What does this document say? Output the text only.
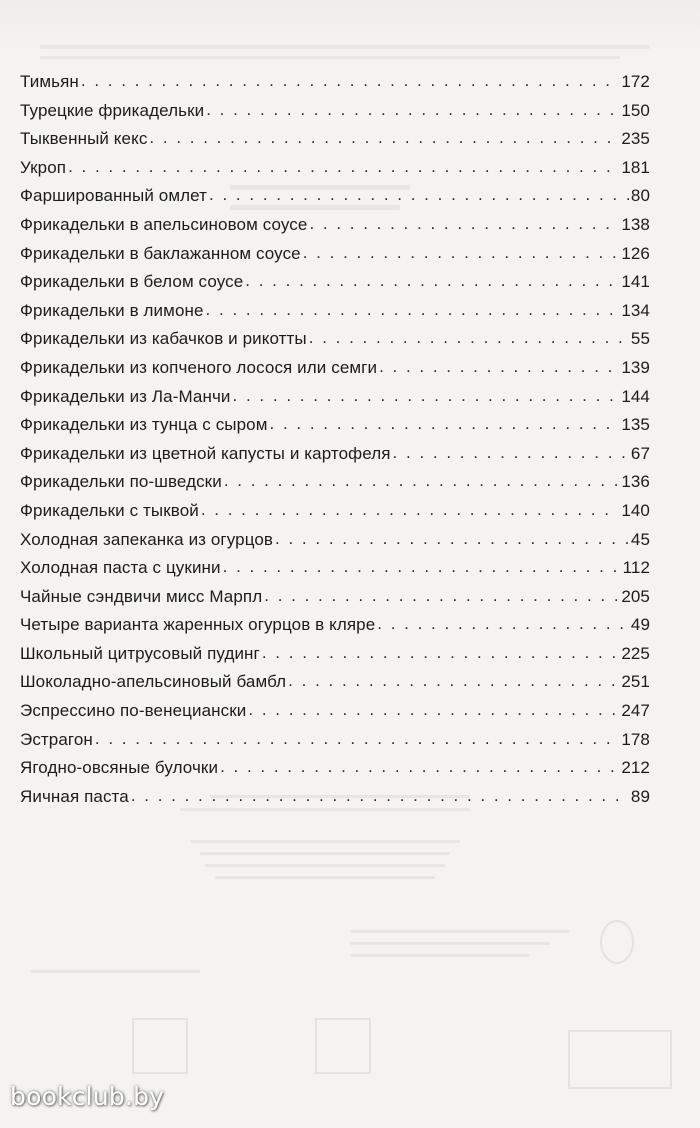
Тимьян . . .	172
Турецкие фрикадельки . . .	150
Тыквенный кекс . . .	235
Укроп . . .	181
Фаршированный омлет . . .	80
Фрикадельки в апельсиновом соусе . . .	138
Фрикадельки в баклажанном соусе . . .	126
Фрикадельки в белом соусе . . .	141
Фрикадельки в лимоне . . .	134
Фрикадельки из кабачков и рикотты . . .	55
Фрикадельки из копченого лосося или семги . . .	139
Фрикадельки из Ла-Манчи . . .	144
Фрикадельки из тунца с сыром . . .	135
Фрикадельки из цветной капусты и картофеля . . .	67
Фрикадельки по-шведски . . .	136
Фрикадельки с тыквой . . .	140
Холодная запеканка из огурцов . . .	45
Холодная паста с цукини . . .	112
Чайные сэндвичи мисс Марпл . . .	205
Четыре варианта жаренных огурцов в кляре . . .	49
Школьный цитрусовый пудинг . . .	225
Шоколадно-апельсиновый бамбл . . .	251
Эспрессино по-венециански . . .	247
Эстрагон . . .	178
Ягодно-овсяные булочки . . .	212
Яичная паста . . .	89
bookclub.by
